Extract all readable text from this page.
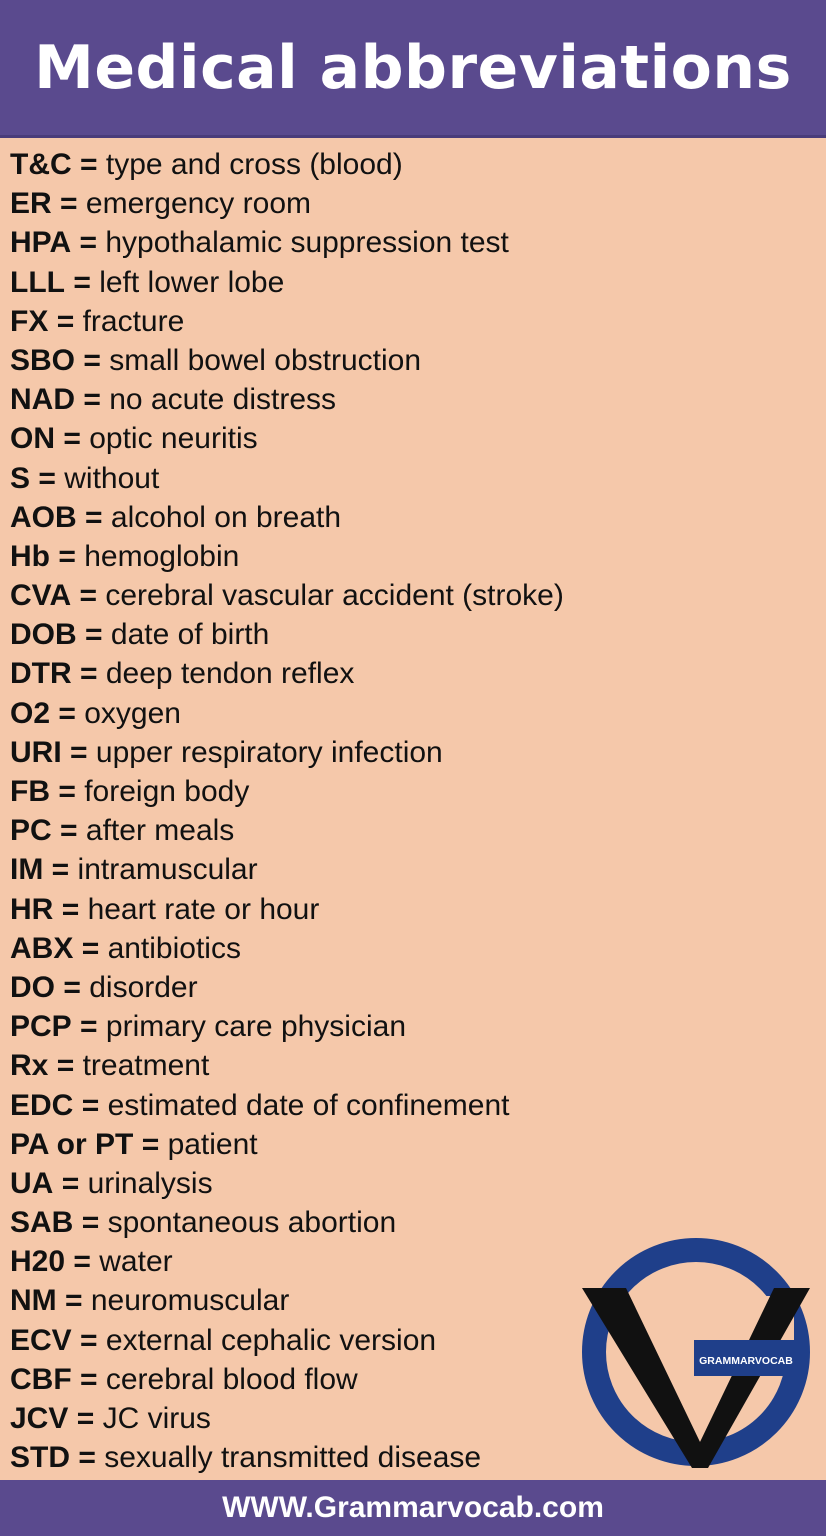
Medical abbreviations
T&C = type and cross (blood)
ER = emergency room
HPA = hypothalamic suppression test
LLL = left lower lobe
FX = fracture
SBO = small bowel obstruction
NAD = no acute distress
ON = optic neuritis
S = without
AOB = alcohol on breath
Hb = hemoglobin
CVA = cerebral vascular accident (stroke)
DOB = date of birth
DTR = deep tendon reflex
O2 = oxygen
URI = upper respiratory infection
FB = foreign body
PC = after meals
IM = intramuscular
HR = heart rate or hour
ABX = antibiotics
DO = disorder
PCP = primary care physician
Rx = treatment
EDC = estimated date of confinement
PA or PT = patient
UA = urinalysis
SAB = spontaneous abortion
H20 = water
NM = neuromuscular
ECV = external cephalic version
CBF = cerebral blood flow
JCV = JC virus
STD = sexually transmitted disease
GRAMMARVOCAB
WWW.Grammarvocab.com
